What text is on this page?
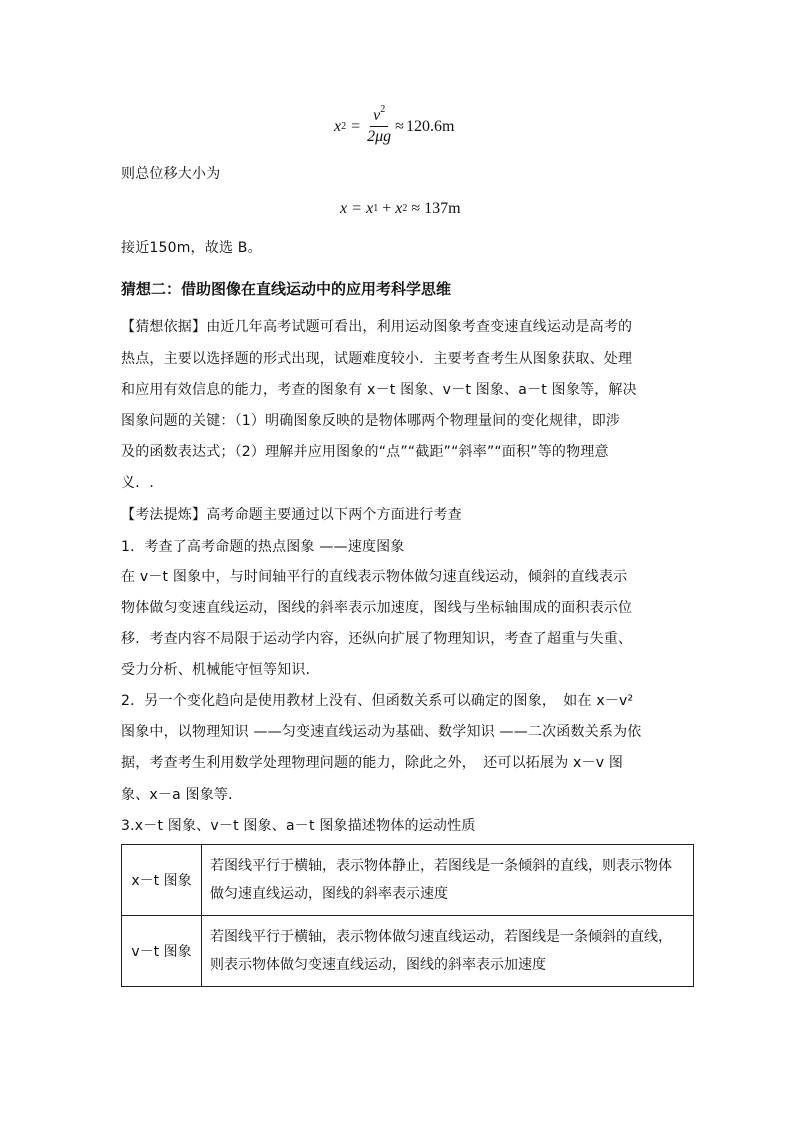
x $2 = \frac{v^2}{2\mu g} \approx 120.6m$
则总位移大小为
x = x 1 + x 2 ≈ 137m
接近150m，故选 B。
猜想二：借助图像在直线运动中的应用考科学思维
【猜想依据】由近几年高考试题可看出，利用运动图象考查变速直线运动是高考的
热点，主要以选择题的形式出现，试题难度较小．主要考查考生从图象获取、处理
和应用有效信息的能力，考查的图象有 x－t 图象、v－t 图象、a－t 图象等，解决
图象问题的关键：（1）明确图象反映的是物体哪两个物理量间的变化规律，即涉
及的函数表达式；（2）理解并应用图象的“点”“截距”“斜率”“面积”等的物理意
义．.
【考法提炼】高考命题主要通过以下两个方面进行考查
1．考查了高考命题的热点图象 ——速度图象
在 v－t 图象中，与时间轴平行的直线表示物体做匀速直线运动，倾斜的直线表示
物体做匀变速直线运动，图线的斜率表示加速度，图线与坐标轴围成的面积表示位
移．考查内容不局限于运动学内容，还纵向扩展了物理知识，考查了超重与失重、
受力分析、机械能守恒等知识．
2．另一个变化趋向是使用教材上没有、但函数关系可以确定的图象，　如在 x－v²
图象中，以物理知识 ——匀变速直线运动为基础、数学知识 ——二次函数关系为依
据，考查考生利用数学处理物理问题的能力，除此之外，　还可以拓展为 x－v 图
象、x－a 图象等．
3.x－t 图象、v－t 图象、a－t 图象描述物体的运动性质
x－t 图象	若图线平行于横轴，表示物体静止，若图线是一条倾斜的直线，则表示物体做匀速直线运动，图线的斜率表示速度
v－t 图象	若图线平行于横轴，表示物体做匀速直线运动，若图线是一条倾斜的直线，则表示物体做匀变速直线运动，图线的斜率表示加速度
